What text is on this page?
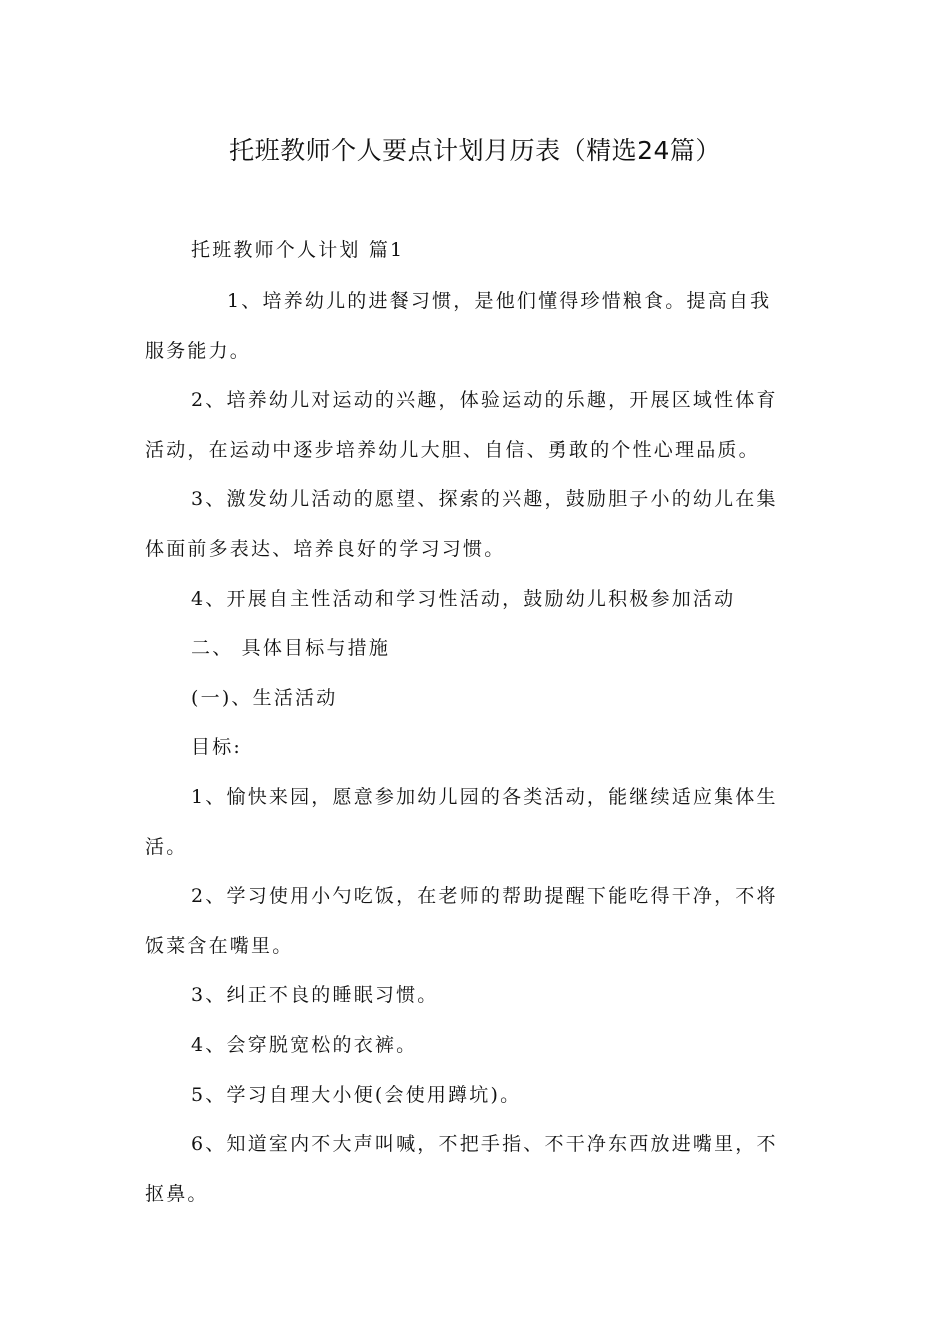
托班教师个人要点计划月历表（精选24篇）
托班教师个人计划 篇1
1、培养幼儿的进餐习惯，是他们懂得珍惜粮食。提高自我
服务能力。
2、培养幼儿对运动的兴趣，体验运动的乐趣，开展区域性体育
活动，在运动中逐步培养幼儿大胆、自信、勇敢的个性心理品质。
3、激发幼儿活动的愿望、探索的兴趣，鼓励胆子小的幼儿在集
体面前多表达、培养良好的学习习惯。
4、开展自主性活动和学习性活动，鼓励幼儿积极参加活动
二、 具体目标与措施
(一)、生活活动
目标:
1、愉快来园，愿意参加幼儿园的各类活动，能继续适应集体生
活。
2、学习使用小勺吃饭，在老师的帮助提醒下能吃得干净，不将
饭菜含在嘴里。
3、纠正不良的睡眠习惯。
4、会穿脱宽松的衣裤。
5、学习自理大小便(会使用蹲坑)。
6、知道室内不大声叫喊，不把手指、不干净东西放进嘴里，不
抠鼻。
